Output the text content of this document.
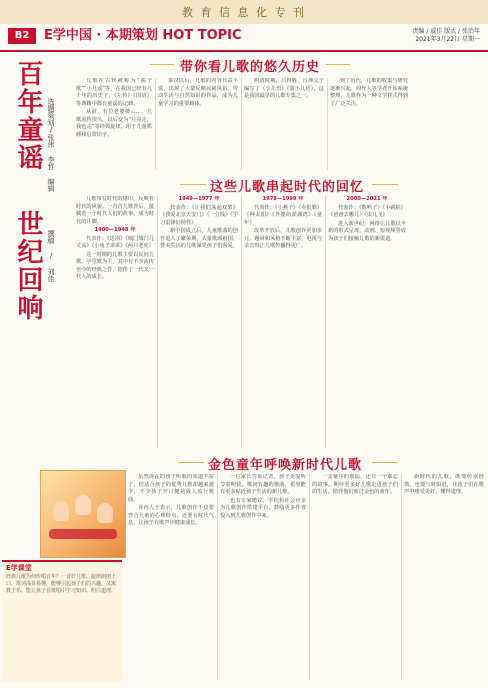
教 育 信 息 化 专 刊
B2	E学中国 · 本期策划 HOT TOPIC	责编 / 戚佳 版式 / 张治年
2021年3月22日 星期一
带你看儿歌的悠久历史
百年童谣 选题策划/张伟 李哲 编辑

儿歌在古代被称为“孺子歌”“小儿谣”等，在我国已经有几千年的历史了。《左传》《国语》等典籍中都有童谣的记载。

从前，有位老婆婆……，儿歌流传很久，以后变为“月亮走，我也走”等经典旋律，用于儿童哄睡和启蒙识字。

秦汉以后，儿歌的内容日益丰富，出现了大量反映民间风俗、劳动生活与自然知识的作品，成为儿童学习的重要载体。

明清时期，吕得胜、吕坤父子编写了《小儿语》《演小儿语》，这是我国最早的儿歌专集之一。

到了近代，儿歌的收集与研究逐渐兴起，周作人等学者开始系统整理，儿歌作为一种文学样式得到了广泛关注。

这些儿歌串起时代的回忆
世纪回响 撰稿 / 刘佳

儿歌带有时代的烙印，反映着时代的风貌。一首首儿歌背后，蕴藏着一个时代人们的故事，成为时代的注脚。

1900—1948 年

代表作：《送别》《城门城门几丈高》《小兔子乖乖》《两只老虎》

这一时期的儿歌主要以民间儿歌、学堂歌为主，其中有不少流传至今的经典之作，陪伴了一代又一代人的成长。

1949—1977 年

代表作：《让我们荡起双桨》《我爱北京天安门》《一分钱》《学习雷锋好榜样》

新中国成立后，儿童歌曲的创作进入了繁荣期，大量歌颂祖国、赞美生活的儿歌深受孩子们喜爱。

1978—1999 年

代表作：《小燕子》《卖报歌》《种太阳》《外婆的澎湖湾》《童年》

改革开放后，儿歌创作更加多元，题材和风格不断丰富，电视与录音带让儿歌传播得更广。

2000—2021 年

代表作：《数鸭子》《小跳蛙》《爸爸去哪儿》《虫儿飞》

进入新世纪，网络让儿歌以全新的形式呈现，动画、短视频等成为孩子们接触儿歌的新渠道。

金色童年呼唤新时代儿歌

虽然现在的孩子听歌的渠道丰富了，但适合孩子的优秀儿歌却越来越少，不少孩子开口便是成人流行歌曲。

业内人士表示，儿歌创作不仅要符合儿童的心理特点，还要有时代气息，让孩子在歌声中健康成长。

一位家长告诉记者，孩子更爱听节奏明快、歌词有趣的歌曲，希望能有更多贴近孩子生活的新儿歌。

也有专家建议，学校和社会应多为儿歌创作搭建平台，鼓励更多作者投入到儿歌创作中来。

一支童年的歌谣，还有一个难忘的故事。期待更多好儿歌走进孩子们的生活，陪伴他们度过金色的童年。

新时代的儿歌，既要传承经典，也要与时俱进，让孩子们在歌声中感受美好、懂得道理。

E学课堂
经典儿歌为何传唱百年？一首好儿歌，旋律朗朗上口，歌词浅显易懂，能够引起孩子们的兴趣，又寓教于乐，能让孩子在歌唱中学习知识、明白道理。
